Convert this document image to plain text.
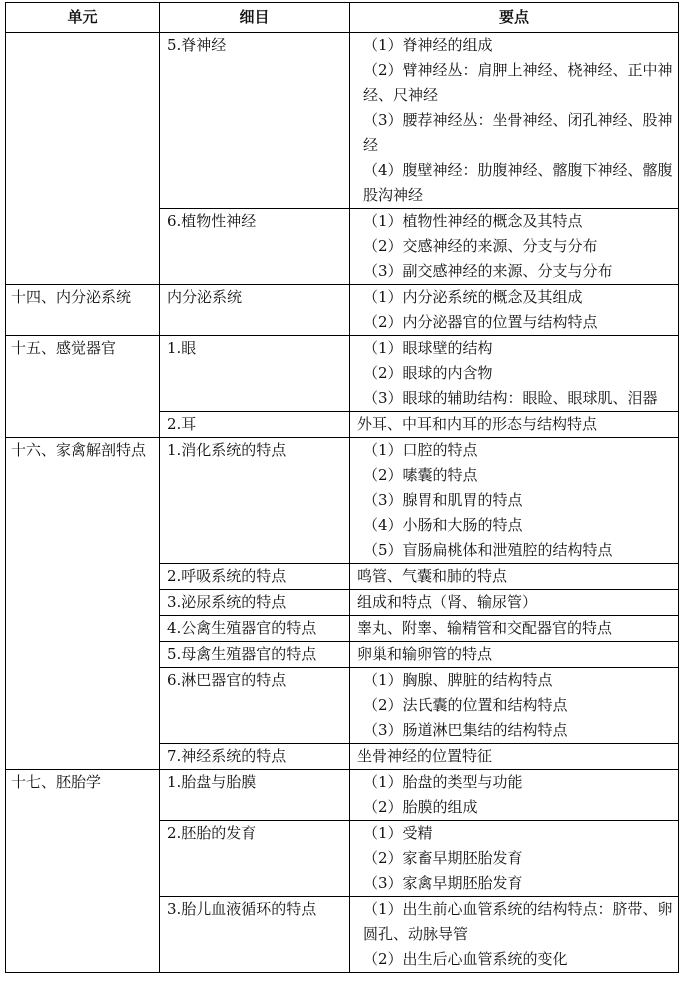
单元	细目	要点
	5.脊神经	（1）脊神经的组成
（2）臂神经丛：肩胛上神经、桡神经、正中神经、尺神经
（3）腰荐神经丛：坐骨神经、闭孔神经、股神经
（4）腹壁神经：肋腹神经、髂腹下神经、髂腹股沟神经

	6.植物性神经	（1）植物性神经的概念及其特点
（2）交感神经的来源、分支与分布
（3）副交感神经的来源、分支与分布

十四、内分泌系统	内分泌系统	（1）内分泌系统的概念及其组成
（2）内分泌器官的位置与结构特点

十五、感觉器官	1.眼	（1）眼球壁的结构
（2）眼球的内含物
（3）眼球的辅助结构：眼睑、眼球肌、泪器

	2.耳	外耳、中耳和内耳的形态与结构特点

十六、家禽解剖特点	1.消化系统的特点	（1）口腔的特点
（2）嗉囊的特点
（3）腺胃和肌胃的特点
（4）小肠和大肠的特点
（5）盲肠扁桃体和泄殖腔的结构特点

	2.呼吸系统的特点	鸣管、气囊和肺的特点

	3.泌尿系统的特点	组成和特点（肾、输尿管）

	4.公禽生殖器官的特点	睾丸、附睾、输精管和交配器官的特点

	5.母禽生殖器官的特点	卵巢和输卵管的特点

	6.淋巴器官的特点	（1）胸腺、脾脏的结构特点
（2）法氏囊的位置和结构特点
（3）肠道淋巴集结的结构特点

	7.神经系统的特点	坐骨神经的位置特征

十七、胚胎学	1.胎盘与胎膜	（1）胎盘的类型与功能
（2）胎膜的组成

	2.胚胎的发育	（1）受精
（2）家畜早期胚胎发育
（3）家禽早期胚胎发育

	3.胎儿血液循环的特点	（1）出生前心血管系统的结构特点：脐带、卵圆孔、动脉导管
（2）出生后心血管系统的变化
